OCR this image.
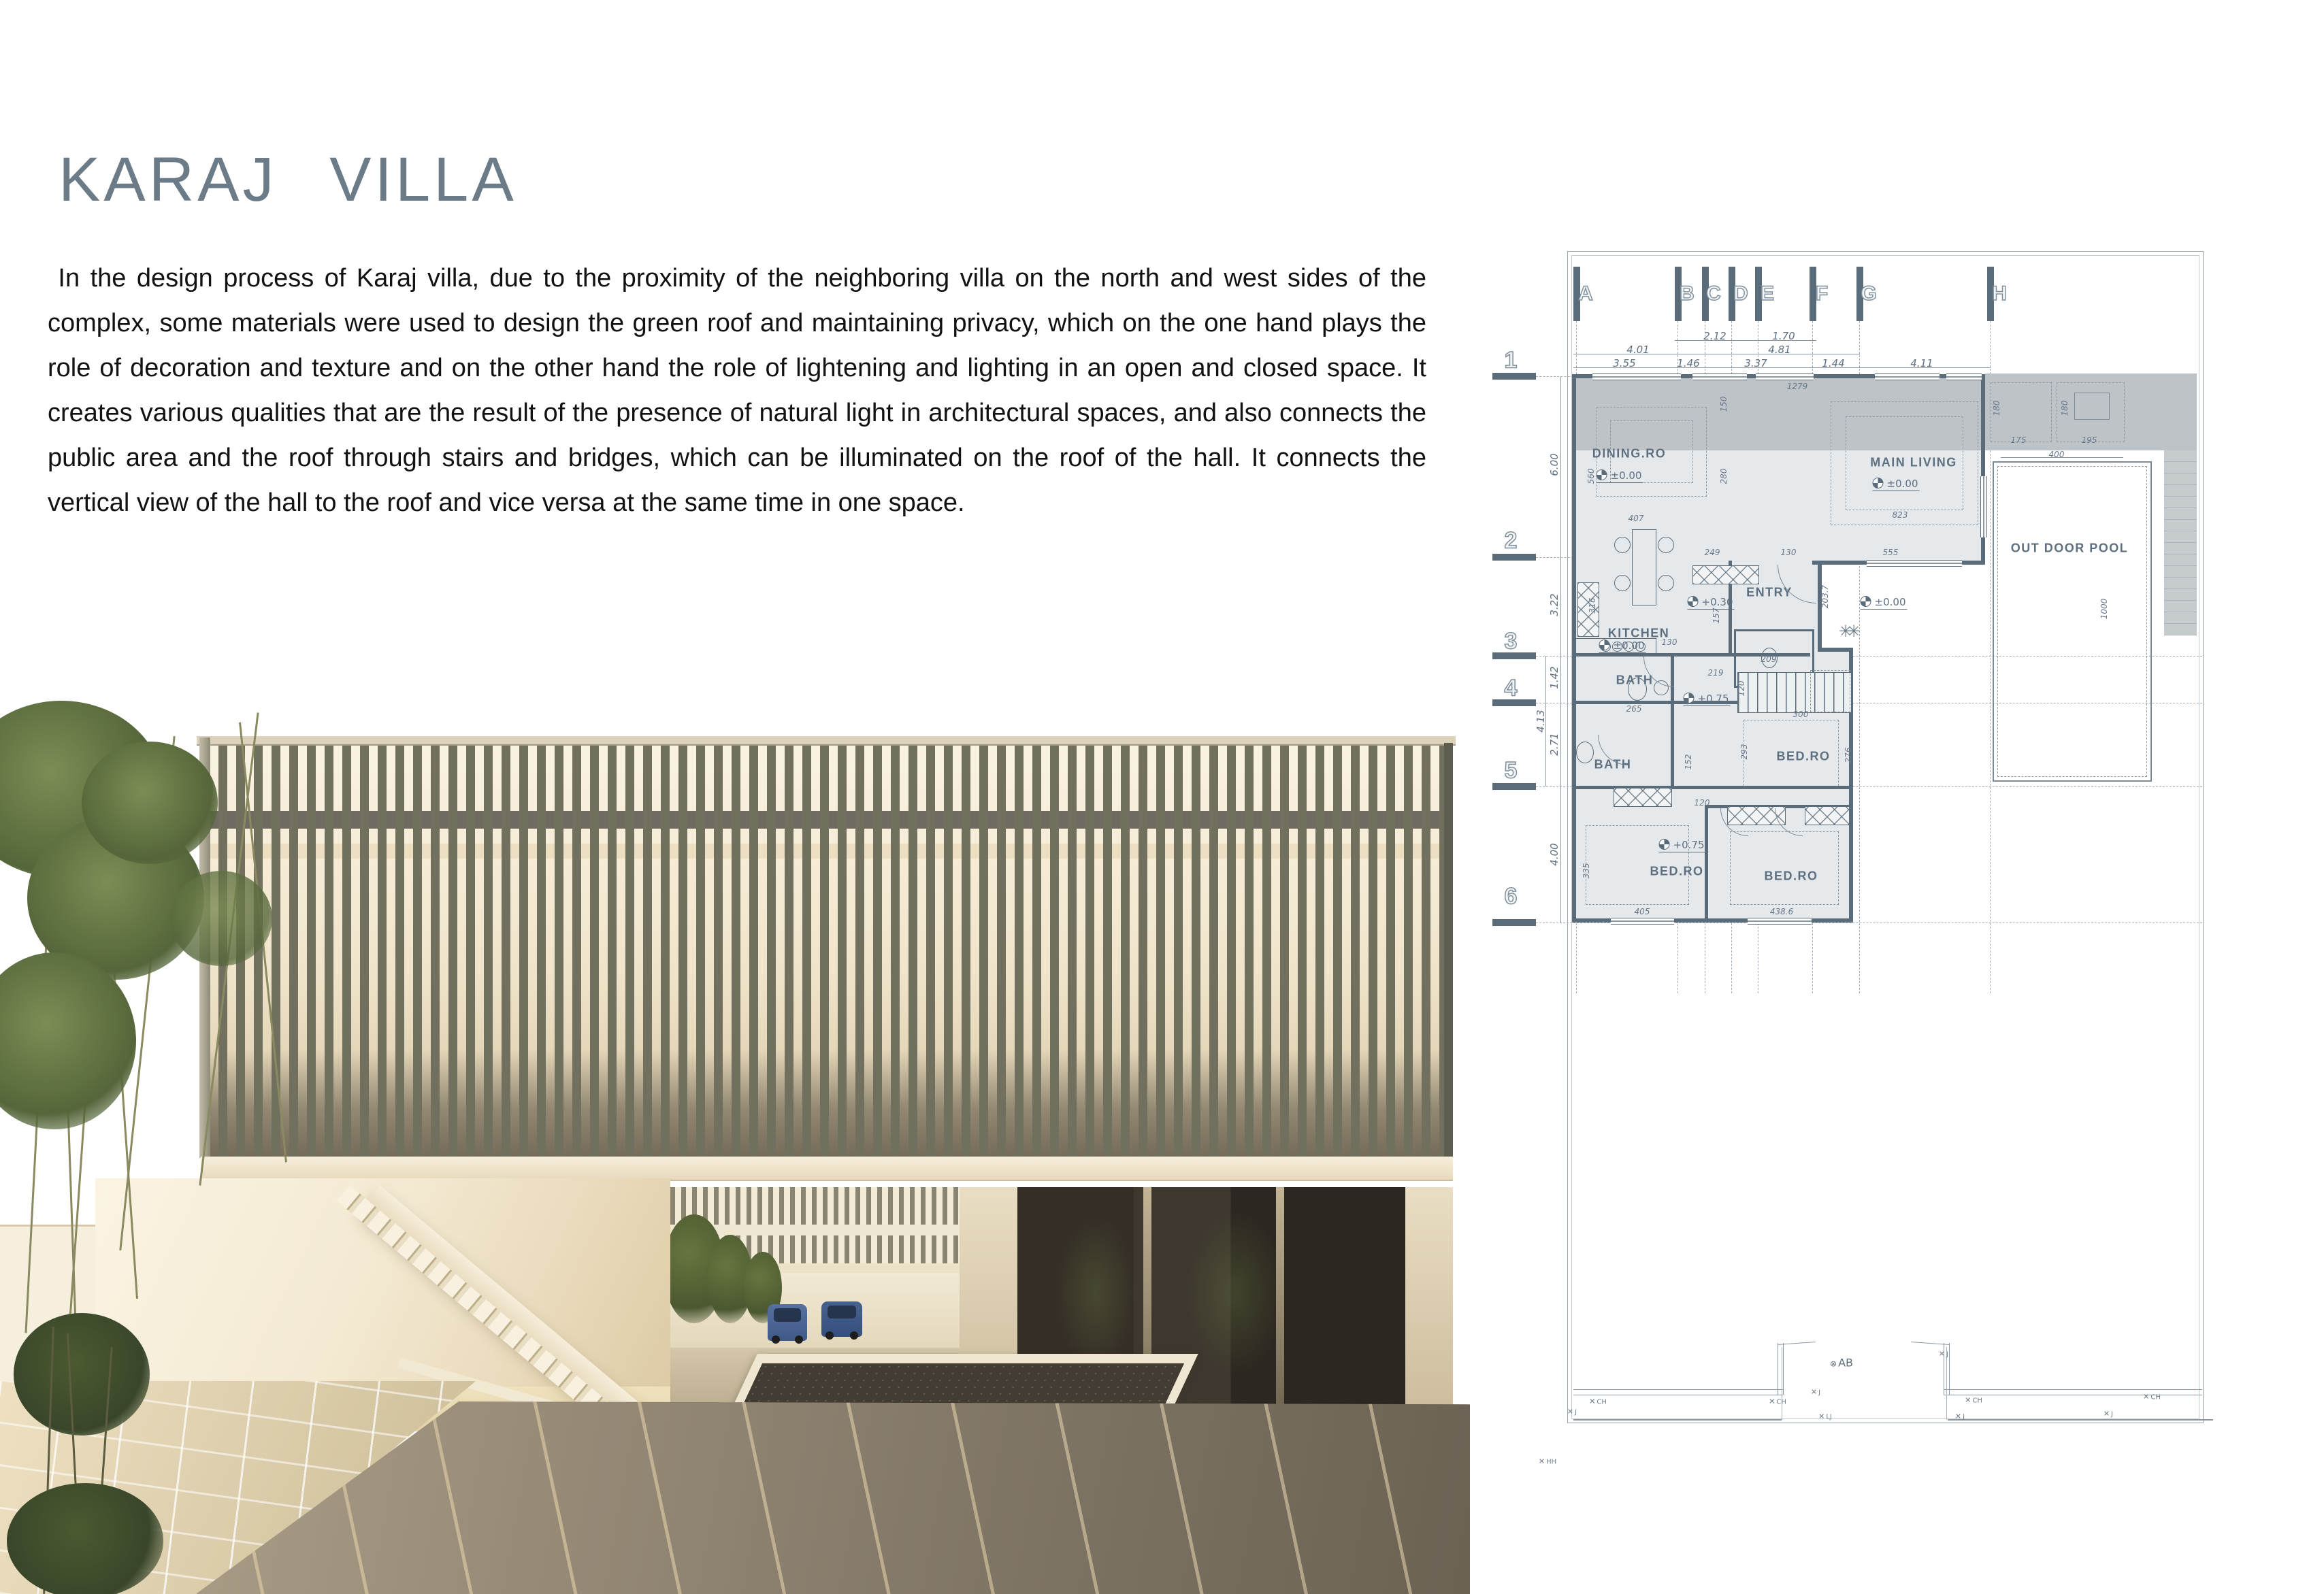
KARAJ VILLA

In the design process of Karaj villa, due to the proximity of the neighboring villa on the north and west sides of the complex, some materials were used to design the green roof and maintaining privacy, which on the one hand plays the role of decoration and texture and on the other hand the role of lightening and lighting in an open and closed space. It creates various qualities that are the result of the presence of natural light in architectural spaces, and also connects the public area and the roof through stairs and bridges, which can be illuminated on the roof of the hall. It connects the vertical view of the hall to the roof and vice versa at the same time in one space.

A	B C D E F G	H
1
2
3
4
5
6
2.12	1.70
4.01	4.81
3.55	1.46	3.37	1.44	4.11
6.00
3.22
1.42
2.71
4.13
4.00
1279
150
560	280
407	823
249	130	555
316
157
203.7
209
219
120
130
300
293	276
265
152
120
335
405	438.6
400
1000
175	195
180	180
DINING.RO
MAIN LIVING
KITCHEN
ENTRY
BATH
BATH
BED.RO
BED.RO	BED.RO
OUT DOOR POOL
✳✳
±0.00
±0.00
±0.00
+0.30	±0.00
+0.75
+0.75
✕ J
✕ CH	✕ CH
✕ J
✕ LJ
⊗ AB
✕ J
✕ J
✕ CH	✕ CH
✕ J
✕ HH
